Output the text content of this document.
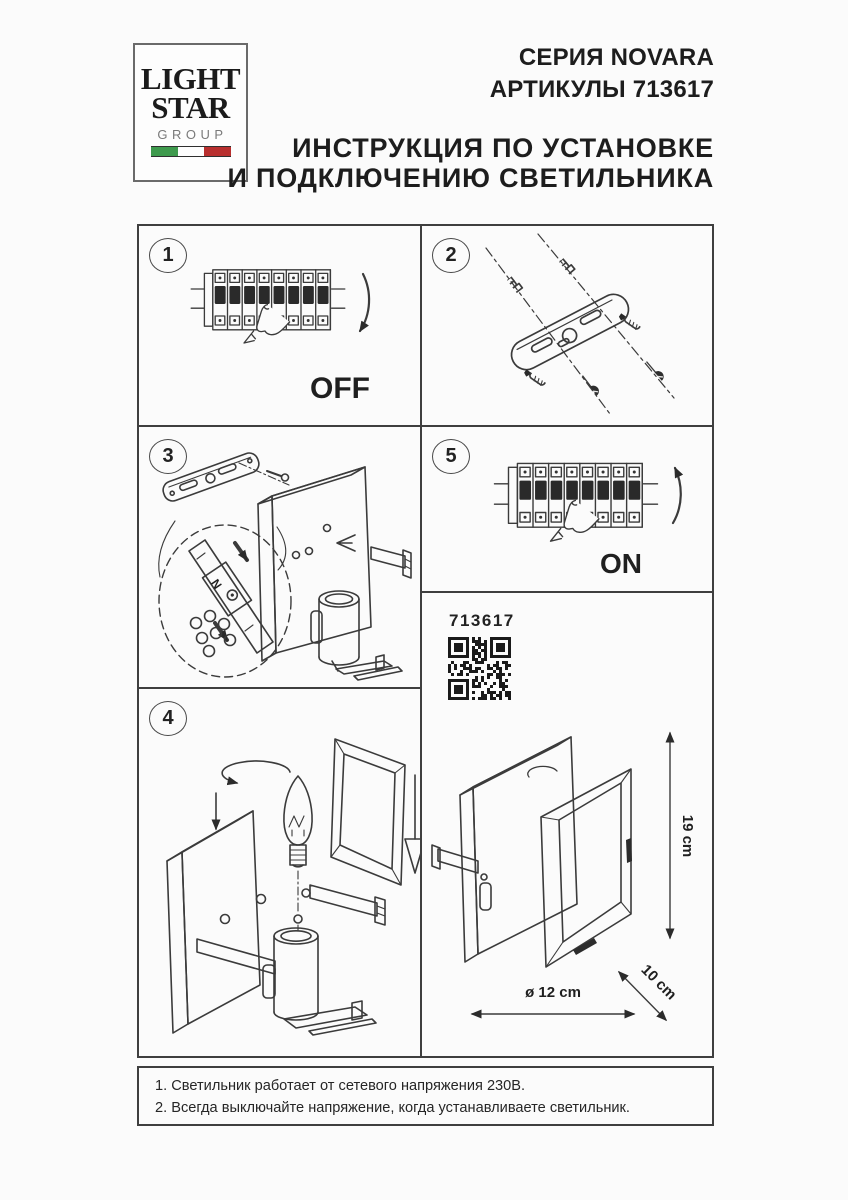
LIGHT
STAR
GROUP
СЕРИЯ NOVARA
АРТИКУЛЫ 713617
ИНСТРУКЦИЯ ПО УСТАНОВКЕ
И ПОДКЛЮЧЕНИЮ СВЕТИЛЬНИКА
OFF
1	2
N
3
ON
5
4
713617
19 cm
10 cm
ø 12 cm
1. Светильник работает от сетевого напряжения 230В.
2. Всегда выключайте напряжение, когда устанавливаете светильник.
